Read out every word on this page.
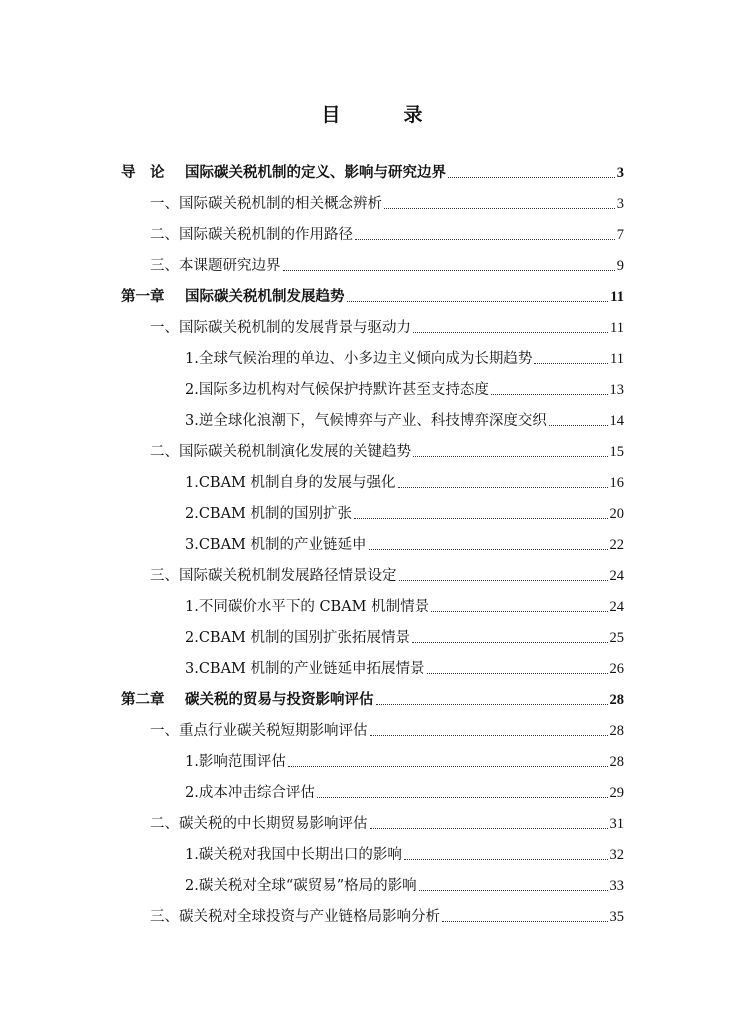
目　录
导　论	国际碳关税机制的定义、影响与研究边界	3
一、国际碳关税机制的相关概念辨析	3
二、国际碳关税机制的作用路径	7
三、本课题研究边界	9
第一章	国际碳关税机制发展趋势	11
一、国际碳关税机制的发展背景与驱动力	11
1.全球气候治理的单边、小多边主义倾向成为长期趋势	11
2.国际多边机构对气候保护持默许甚至支持态度	13
3.逆全球化浪潮下，气候博弈与产业、科技博弈深度交织	14
二、国际碳关税机制演化发展的关键趋势	15
1.CBAM 机制自身的发展与强化	16
2.CBAM 机制的国别扩张	20
3.CBAM 机制的产业链延申	22
三、国际碳关税机制发展路径情景设定	24
1.不同碳价水平下的 CBAM 机制情景	24
2.CBAM 机制的国别扩张拓展情景	25
3.CBAM 机制的产业链延申拓展情景	26
第二章	碳关税的贸易与投资影响评估	28
一、重点行业碳关税短期影响评估	28
1.影响范围评估	28
2.成本冲击综合评估	29
二、碳关税的中长期贸易影响评估	31
1.碳关税对我国中长期出口的影响	32
2.碳关税对全球“碳贸易”格局的影响	33
三、碳关税对全球投资与产业链格局影响分析	35
